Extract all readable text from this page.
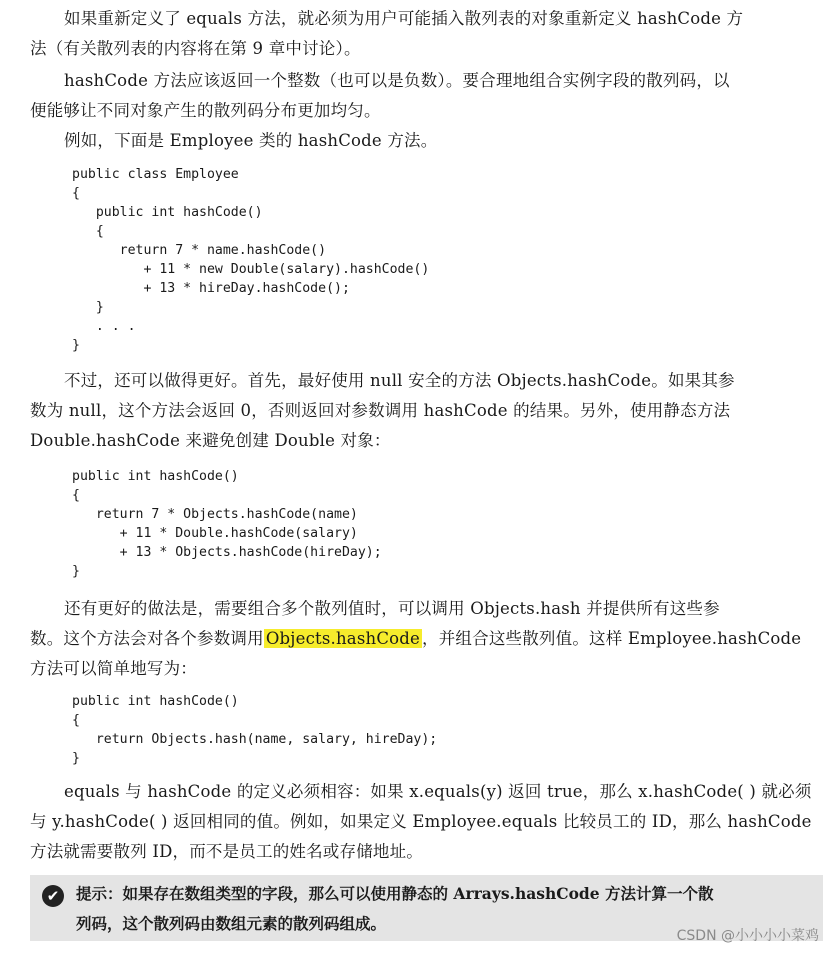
如果重新定义了 equals 方法，就必须为用户可能插入散列表的对象重新定义 hashCode 方
法（有关散列表的内容将在第 9 章中讨论）。
hashCode 方法应该返回一个整数（也可以是负数）。要合理地组合实例字段的散列码，以
便能够让不同对象产生的散列码分布更加均匀。
例如，下面是 Employee 类的 hashCode 方法。
public class Employee
{
public int hashCode()
{
return 7 * name.hashCode()
+ 11 * new Double(salary).hashCode()
+ 13 * hireDay.hashCode();
}
. . .
}
不过，还可以做得更好。首先，最好使用 null 安全的方法 Objects.hashCode。如果其参
数为 null，这个方法会返回 0，否则返回对参数调用 hashCode 的结果。另外，使用静态方法
Double.hashCode 来避免创建 Double 对象：
public int hashCode()
{
return 7 * Objects.hashCode(name)
+ 11 * Double.hashCode(salary)
+ 13 * Objects.hashCode(hireDay);
}
还有更好的做法是，需要组合多个散列值时，可以调用 Objects.hash 并提供所有这些参
数。这个方法会对各个参数调用 Objects.hashCode ，并组合这些散列值。这样 Employee.hashCode
方法可以简单地写为：
public int hashCode()
{
return Objects.hash(name, salary, hireDay);
}
equals 与 hashCode 的定义必须相容：如果 x.equals(y) 返回 true，那么 x.hashCode( ) 就必须
与 y.hashCode( ) 返回相同的值。例如，如果定义 Employee.equals 比较员工的 ID，那么 hashCode
方法就需要散列 ID，而不是员工的姓名或存储地址。
✔	提示：如果存在数组类型的字段，那么可以使用静态的 Arrays.hashCode 方法计算一个散
列码，这个散列码由数组元素的散列码组成。
CSDN @小小小小菜鸡
